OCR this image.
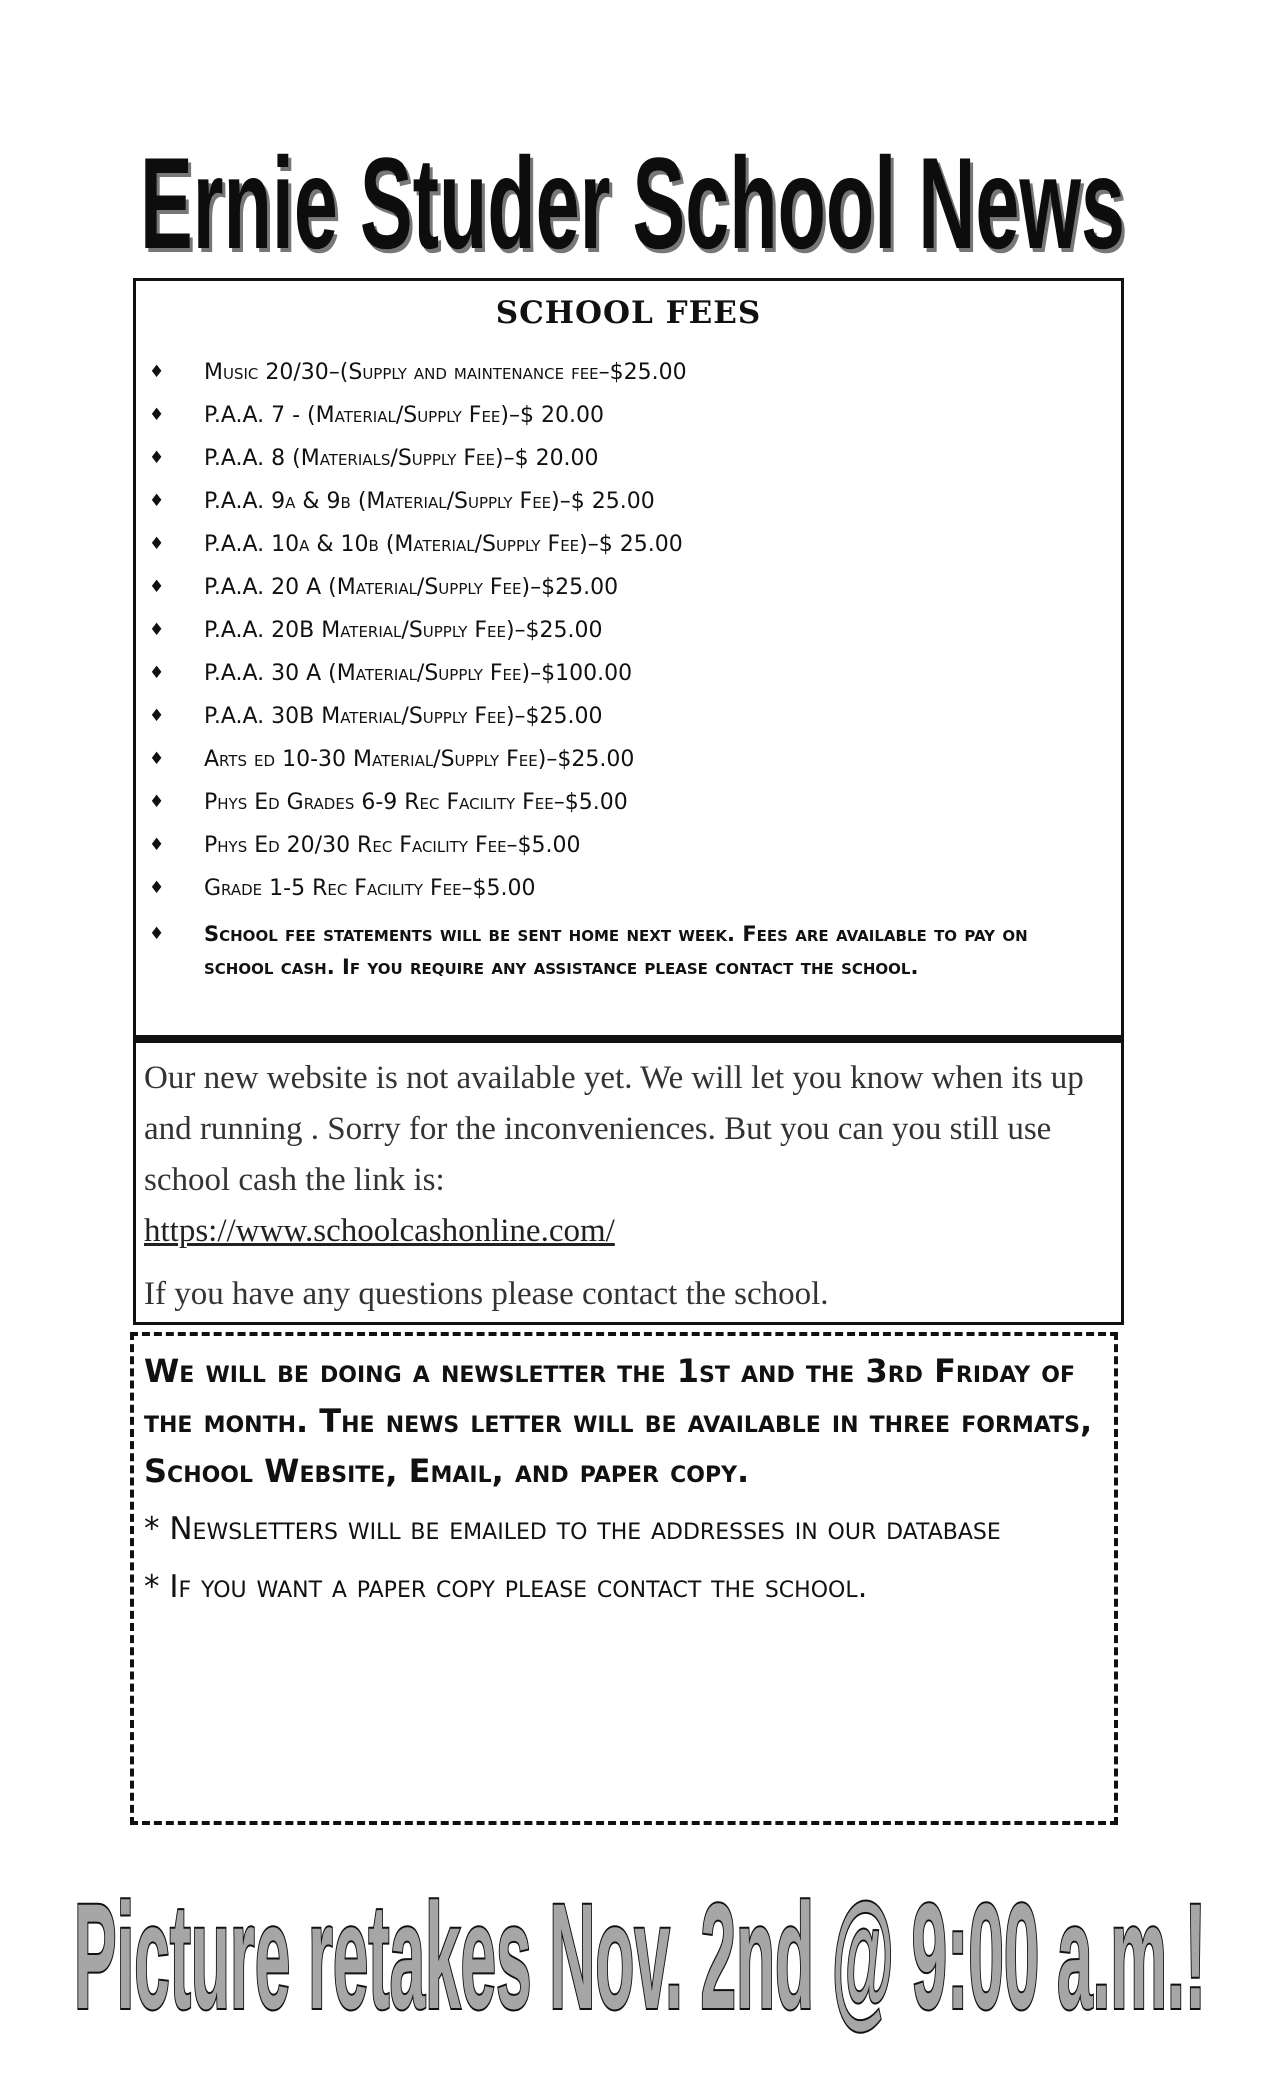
Ernie Studer School News
SCHOOL FEES
♦ Music 20/30–(Supply and maintenance fee–$25.00
♦ P.A.A. 7 - (Material/Supply Fee)–$ 20.00
♦ P.A.A. 8 (Materials/Supply Fee)–$ 20.00
♦ P.A.A. 9a & 9b (Material/Supply Fee)–$ 25.00
♦ P.A.A. 10a & 10b (Material/Supply Fee)–$ 25.00
♦ P.A.A. 20 A (Material/Supply Fee)–$25.00
♦ P.A.A. 20B Material/Supply Fee)–$25.00
♦ P.A.A. 30 A (Material/Supply Fee)–$100.00
♦ P.A.A. 30B Material/Supply Fee)–$25.00
♦ Arts ed 10-30 Material/Supply Fee)–$25.00
♦ Phys Ed Grades 6-9 Rec Facility Fee–$5.00
♦ Phys Ed 20/30 Rec Facility Fee–$5.00
♦ Grade 1-5 Rec Facility Fee–$5.00
♦ School fee statements will be sent home next week. Fees are available to pay on school cash. If you require any assistance please contact the school.

Our new website is not available yet. We will let you know when its up and running . Sorry for the inconveniences. But you can you still use school cash the link is:

https://www.schoolcashonline.com/

If you have any questions please contact the school.

We will be doing a newsletter the 1st and the 3rd Friday of the month. The news letter will be available in three formats, School Website, Email, and paper copy.

* Newsletters will be emailed to the addresses in our database

* If you want a paper copy please contact the school.

Picture retakes Nov. 2nd @ 9:00 a.m.!
